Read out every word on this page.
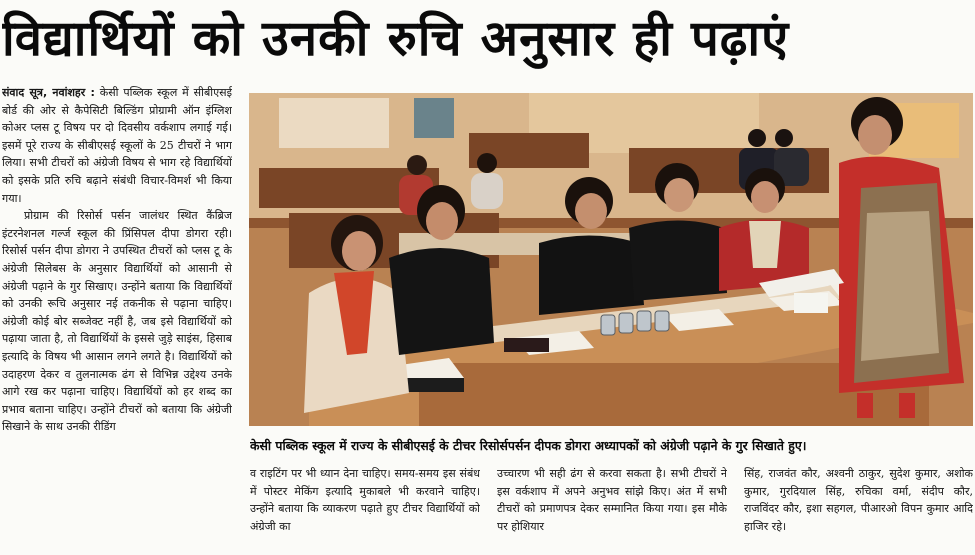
विद्यार्थियों को उनकी रुचि अनुसार ही पढ़ाएं

संवाद सूत्र, नवांशहर : केसी पब्लिक स्कूल में सीबीएसई बोर्ड की ओर से कैपेसिटी बिल्डिंग प्रोग्रामी ऑन इंग्लिश कोअर प्लस टू विषय पर दो दिवसीय वर्कशाप लगाई गई। इसमें पूरे राज्य के सीबीएसई स्कूलों के 25 टीचरों ने भाग लिया। सभी टीचरों को अंग्रेजी विषय से भाग रहे विद्यार्थियों को इसके प्रति रुचि बढ़ाने संबंधी विचार-विमर्श भी किया गया।

प्रोग्राम की रिसोर्स पर्सन जालंधर स्थित कैंब्रिज इंटरनेशनल गर्ल्ज स्कूल की प्रिंसिपल दीपा डोगरा रही। रिसोर्स पर्सन दीपा डोगरा ने उपस्थित टीचरों को प्लस टू के अंग्रेजी सिलेबस के अनुसार विद्यार्थियों को आसानी से अंग्रेजी पढ़ाने के गुर सिखाए। उन्होंने बताया कि विद्यार्थियों को उनकी रूचि अनुसार नई तकनीक से पढ़ाना चाहिए। अंग्रेजी कोई बोर सब्जेक्ट नहीं है, जब इसे विद्यार्थियों को पढ़ाया जाता है, तो विद्यार्थियों के इससे जुड़े साइंस, हिसाब इत्यादि के विषय भी आसान लगने लगते है। विद्यार्थियों को उदाहरण देकर व तुलनात्मक ढंग से विभिन्न उद्देश्य उनके आगे रख कर पढ़ाना चाहिए। विद्यार्थियों को हर शब्द का प्रभाव बताना चाहिए। उन्होंने टीचरों को बताया कि अंग्रेजी सिखाने के साथ उनकी रीडिंग

केसी पब्लिक स्कूल में राज्य के सीबीएसई के टीचर रिसोर्सपर्सन दीपक डोगरा अध्यापकों को अंग्रेजी पढ़ाने के गुर सिखाते हुए।

व राइटिंग पर भी ध्यान देना चाहिए। समय-समय इस संबंध में पोस्टर मेकिंग इत्यादि मुकाबले भी करवाने चाहिए। उन्होंने बताया कि व्याकरण पढ़ाते हुए टीचर विद्यार्थियों को अंग्रेजी का

उच्चारण भी सही ढंग से करवा सकता है। सभी टीचरों ने इस वर्कशाप में अपने अनुभव सांझे किए। अंत में सभी टीचरों को प्रमाणपत्र देकर सम्मानित किया गया। इस मौके पर होशियार

सिंह, राजवंत कौर, अश्वनी ठाकुर, सुदेश कुमार, अशोक कुमार, गुरदियाल सिंह, रुचिका वर्मा, संदीप कौर, राजविंदर कौर, इशा सहगल, पीआरओ विपन कुमार आदि हाजिर रहे।
